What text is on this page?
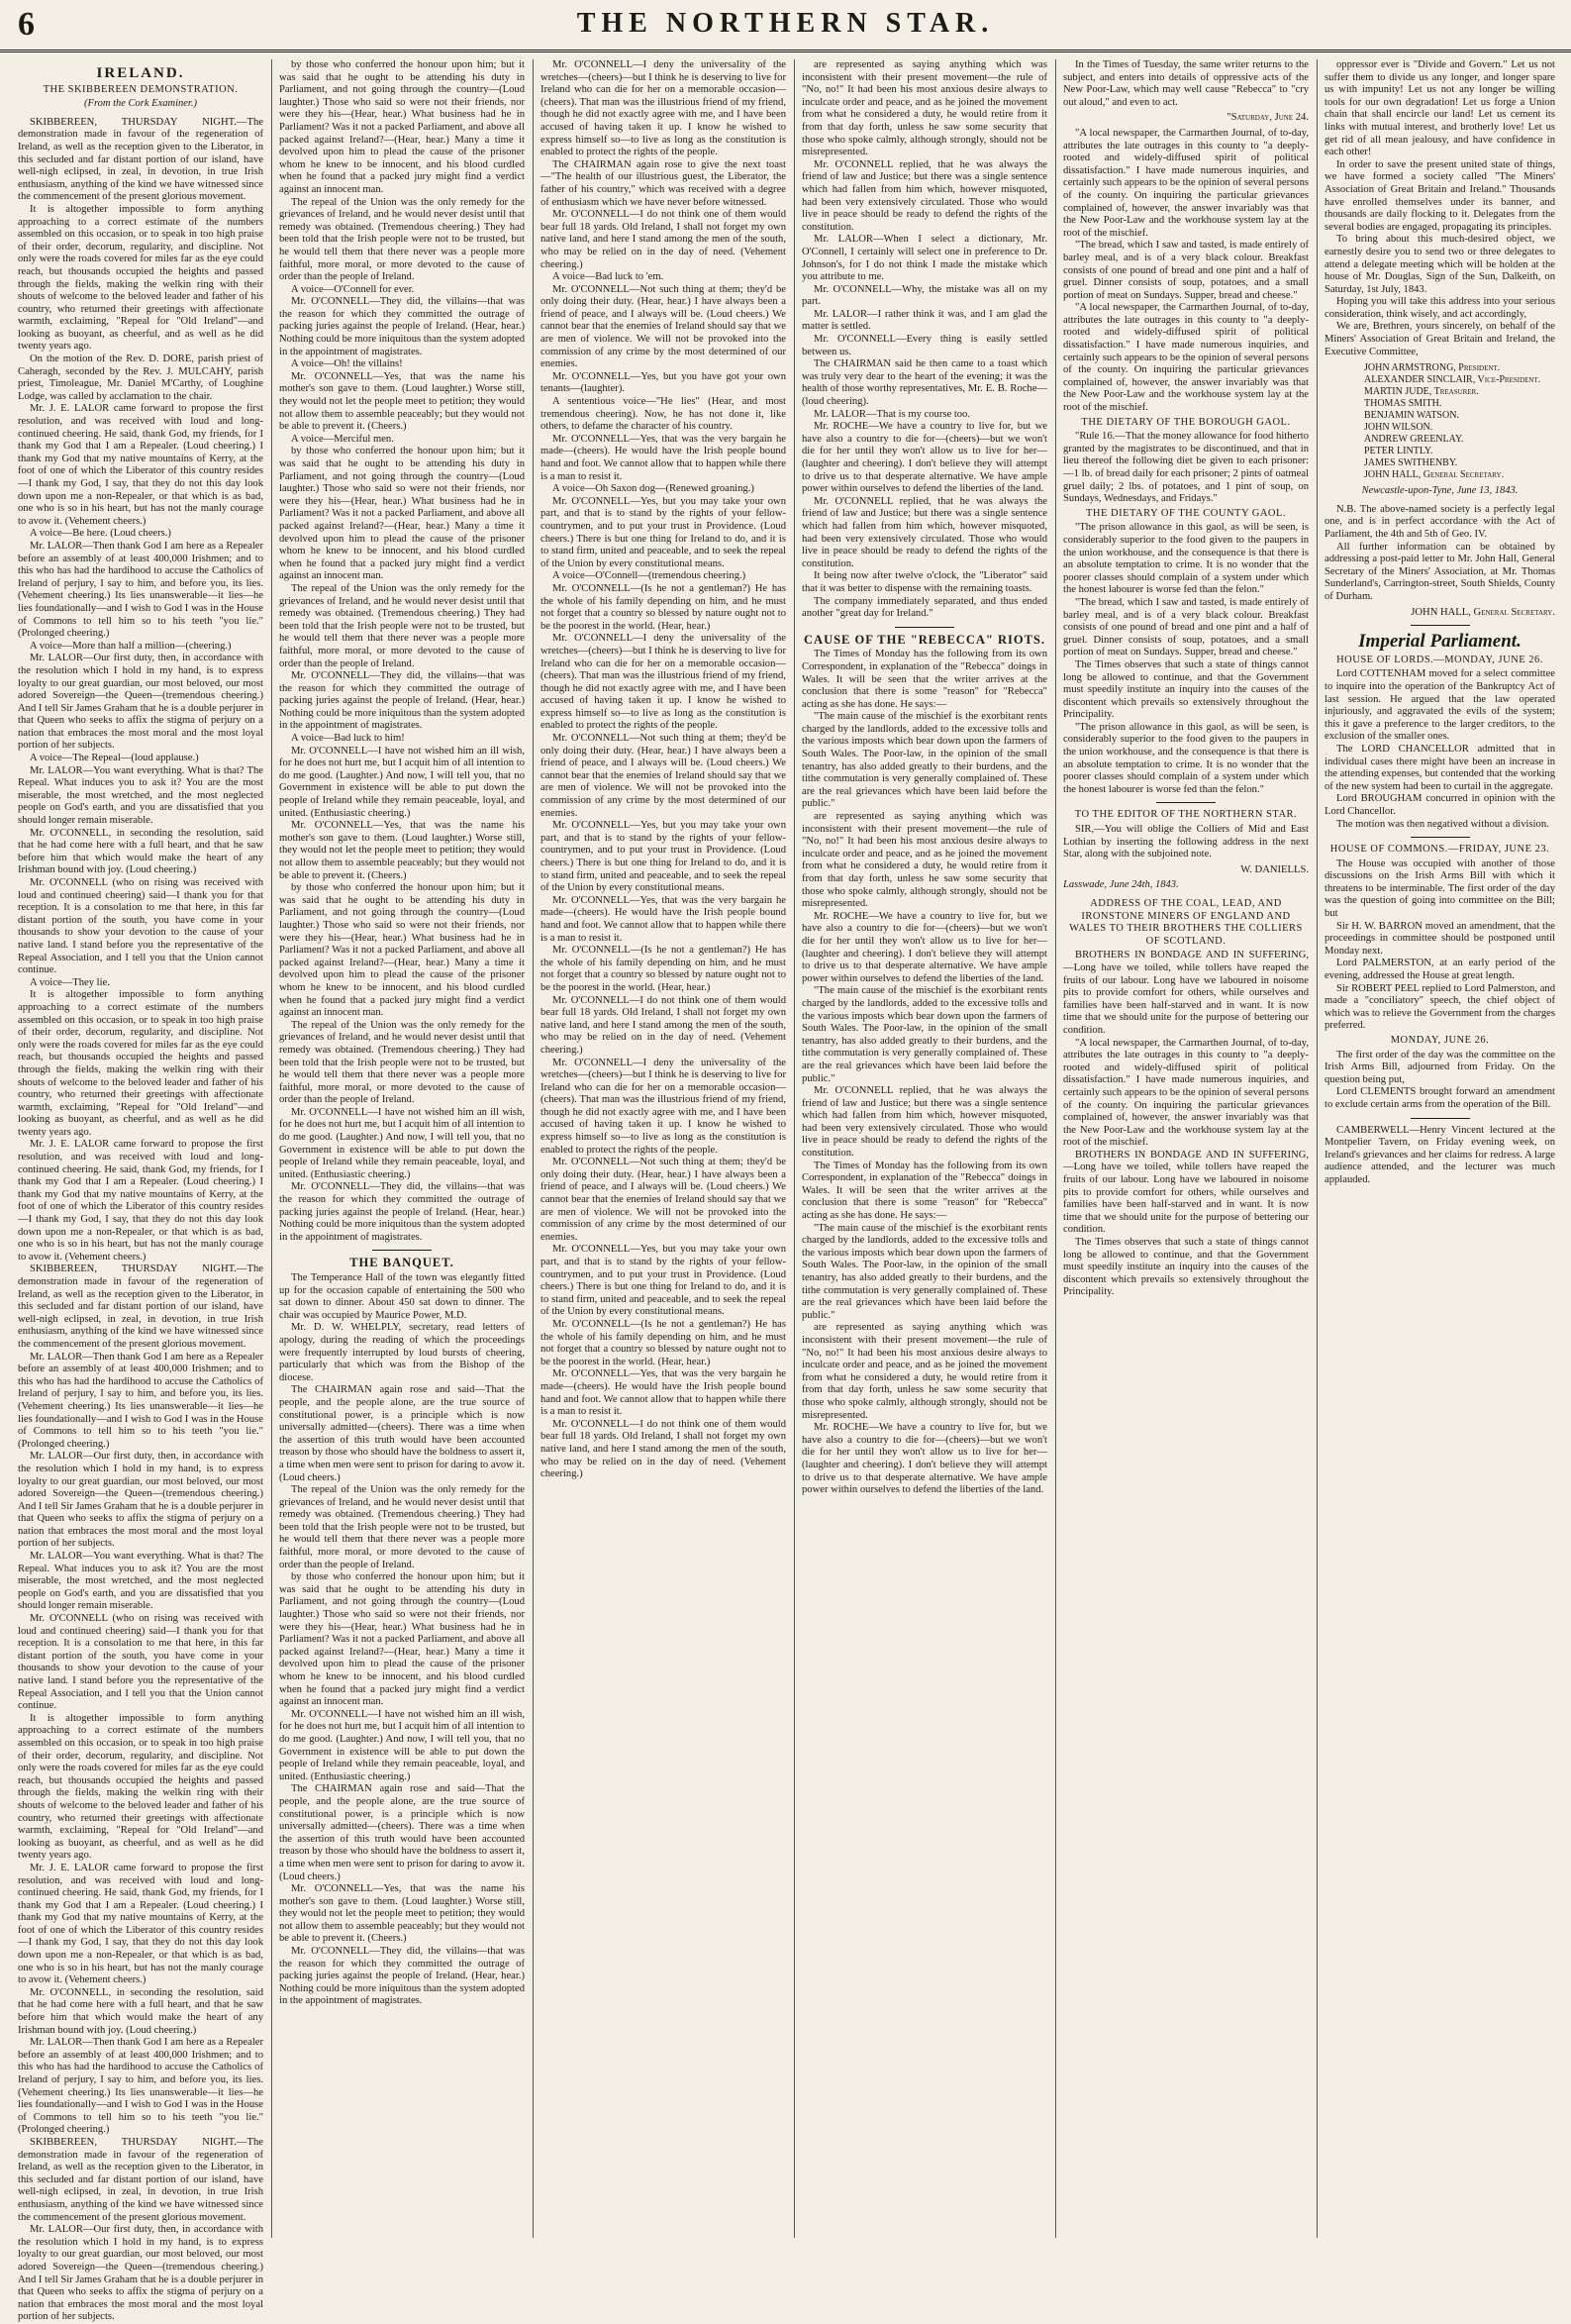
6	THE NORTHERN STAR.
IRELAND.
THE SKIBBEREEN DEMONSTRATION.
(From the Cork Examiner.)

SKIBBEREEN, THURSDAY NIGHT.—The demonstration made in favour of the regeneration of Ireland, as well as the reception given to the Liberator, in this secluded and far distant portion of our island, have well-nigh eclipsed, in zeal, in devotion, in true Irish enthusiasm, anything of the kind we have witnessed since the commencement of the present glorious movement.

It is altogether impossible to form anything approaching to a correct estimate of the numbers assembled on this occasion, or to speak in too high praise of their order, decorum, regularity, and discipline. Not only were the roads covered for miles far as the eye could reach, but thousands occupied the heights and passed through the fields, making the welkin ring with their shouts of welcome to the beloved leader and father of his country, who returned their greetings with affectionate warmth, exclaiming, "Repeal for "Old Ireland"—and looking as buoyant, as cheerful, and as well as he did twenty years ago.

On the motion of the Rev. D. DORE, parish priest of Caheragh, seconded by the Rev. J. MULCAHY, parish priest, Timoleague, Mr. Daniel M'Carthy, of Loughine Lodge, was called by acclamation to the chair.

Mr. J. E. LALOR came forward to propose the first resolution, and was received with loud and long-continued cheering. He said, thank God, my friends, for I thank my God that I am a Repealer. (Loud cheering.) I thank my God that my native mountains of Kerry, at the foot of one of which the Liberator of this country resides—I thank my God, I say, that they do not this day look down upon me a non-Repealer, or that which is as bad, one who is so in his heart, but has not the manly courage to avow it. (Vehement cheers.)

A voice—Be here. (Loud cheers.)

Mr. LALOR—Then thank God I am here as a Repealer before an assembly of at least 400,000 Irishmen; and to this who has had the hardihood to accuse the Catholics of Ireland of perjury, I say to him, and before you, its lies. (Vehement cheering.) Its lies unanswerable—it lies—he lies foundationally—and I wish to God I was in the House of Commons to tell him so to his teeth "you lie." (Prolonged cheering.)

A voice—More than half a million—(cheering.)

Mr. LALOR—Our first duty, then, in accordance with the resolution which I hold in my hand, is to express loyalty to our great guardian, our most beloved, our most adored Sovereign—the Queen—(tremendous cheering.) And I tell Sir James Graham that he is a double perjurer in that Queen who seeks to affix the stigma of perjury on a nation that embraces the most moral and the most loyal portion of her subjects.

A voice—The Repeal—(loud applause.)

Mr. LALOR—You want everything. What is that? The Repeal. What induces you to ask it? You are the most miserable, the most wretched, and the most neglected people on God's earth, and you are dissatisfied that you should longer remain miserable.

Mr. O'CONNELL, in seconding the resolution, said that he had come here with a full heart, and that he saw before him that which would make the heart of any Irishman bound with joy. (Loud cheering.)

Mr. O'CONNELL (who on rising was received with loud and continued cheering) said—I thank you for that reception. It is a consolation to me that here, in this far distant portion of the south, you have come in your thousands to show your devotion to the cause of your native land. I stand before you the representative of the Repeal Association, and I tell you that the Union cannot continue.

A voice—They lie.

It is altogether impossible to form anything approaching to a correct estimate of the numbers assembled on this occasion, or to speak in too high praise of their order, decorum, regularity, and discipline. Not only were the roads covered for miles far as the eye could reach, but thousands occupied the heights and passed through the fields, making the welkin ring with their shouts of welcome to the beloved leader and father of his country, who returned their greetings with affectionate warmth, exclaiming, "Repeal for "Old Ireland"—and looking as buoyant, as cheerful, and as well as he did twenty years ago.

Mr. J. E. LALOR came forward to propose the first resolution, and was received with loud and long-continued cheering. He said, thank God, my friends, for I thank my God that I am a Repealer. (Loud cheering.) I thank my God that my native mountains of Kerry, at the foot of one of which the Liberator of this country resides—I thank my God, I say, that they do not this day look down upon me a non-Repealer, or that which is as bad, one who is so in his heart, but has not the manly courage to avow it. (Vehement cheers.)

SKIBBEREEN, THURSDAY NIGHT.—The demonstration made in favour of the regeneration of Ireland, as well as the reception given to the Liberator, in this secluded and far distant portion of our island, have well-nigh eclipsed, in zeal, in devotion, in true Irish enthusiasm, anything of the kind we have witnessed since the commencement of the present glorious movement.

Mr. LALOR—Then thank God I am here as a Repealer before an assembly of at least 400,000 Irishmen; and to this who has had the hardihood to accuse the Catholics of Ireland of perjury, I say to him, and before you, its lies. (Vehement cheering.) Its lies unanswerable—it lies—he lies foundationally—and I wish to God I was in the House of Commons to tell him so to his teeth "you lie." (Prolonged cheering.)

Mr. LALOR—Our first duty, then, in accordance with the resolution which I hold in my hand, is to express loyalty to our great guardian, our most beloved, our most adored Sovereign—the Queen—(tremendous cheering.) And I tell Sir James Graham that he is a double perjurer in that Queen who seeks to affix the stigma of perjury on a nation that embraces the most moral and the most loyal portion of her subjects.

Mr. LALOR—You want everything. What is that? The Repeal. What induces you to ask it? You are the most miserable, the most wretched, and the most neglected people on God's earth, and you are dissatisfied that you should longer remain miserable.

Mr. O'CONNELL (who on rising was received with loud and continued cheering) said—I thank you for that reception. It is a consolation to me that here, in this far distant portion of the south, you have come in your thousands to show your devotion to the cause of your native land. I stand before you the representative of the Repeal Association, and I tell you that the Union cannot continue.

It is altogether impossible to form anything approaching to a correct estimate of the numbers assembled on this occasion, or to speak in too high praise of their order, decorum, regularity, and discipline. Not only were the roads covered for miles far as the eye could reach, but thousands occupied the heights and passed through the fields, making the welkin ring with their shouts of welcome to the beloved leader and father of his country, who returned their greetings with affectionate warmth, exclaiming, "Repeal for "Old Ireland"—and looking as buoyant, as cheerful, and as well as he did twenty years ago.

Mr. J. E. LALOR came forward to propose the first resolution, and was received with loud and long-continued cheering. He said, thank God, my friends, for I thank my God that I am a Repealer. (Loud cheering.) I thank my God that my native mountains of Kerry, at the foot of one of which the Liberator of this country resides—I thank my God, I say, that they do not this day look down upon me a non-Repealer, or that which is as bad, one who is so in his heart, but has not the manly courage to avow it. (Vehement cheers.)

Mr. O'CONNELL, in seconding the resolution, said that he had come here with a full heart, and that he saw before him that which would make the heart of any Irishman bound with joy. (Loud cheering.)

Mr. LALOR—Then thank God I am here as a Repealer before an assembly of at least 400,000 Irishmen; and to this who has had the hardihood to accuse the Catholics of Ireland of perjury, I say to him, and before you, its lies. (Vehement cheering.) Its lies unanswerable—it lies—he lies foundationally—and I wish to God I was in the House of Commons to tell him so to his teeth "you lie." (Prolonged cheering.)

SKIBBEREEN, THURSDAY NIGHT.—The demonstration made in favour of the regeneration of Ireland, as well as the reception given to the Liberator, in this secluded and far distant portion of our island, have well-nigh eclipsed, in zeal, in devotion, in true Irish enthusiasm, anything of the kind we have witnessed since the commencement of the present glorious movement.

Mr. LALOR—Our first duty, then, in accordance with the resolution which I hold in my hand, is to express loyalty to our great guardian, our most beloved, our most adored Sovereign—the Queen—(tremendous cheering.) And I tell Sir James Graham that he is a double perjurer in that Queen who seeks to affix the stigma of perjury on a nation that embraces the most moral and the most loyal portion of her subjects.

by those who conferred the honour upon him; but it was said that he ought to be attending his duty in Parliament, and not going through the country—(Loud laughter.) Those who said so were not their friends, nor were they his—(Hear, hear.) What business had he in Parliament? Was it not a packed Parliament, and above all packed against Ireland?—(Hear, hear.) Many a time it devolved upon him to plead the cause of the prisoner whom he knew to be innocent, and his blood curdled when he found that a packed jury might find a verdict against an innocent man.

The repeal of the Union was the only remedy for the grievances of Ireland, and he would never desist until that remedy was obtained. (Tremendous cheering.) They had been told that the Irish people were not to be trusted, but he would tell them that there never was a people more faithful, more moral, or more devoted to the cause of order than the people of Ireland.

A voice—O'Connell for ever.

Mr. O'CONNELL—They did, the villains—that was the reason for which they committed the outrage of packing juries against the people of Ireland. (Hear, hear.) Nothing could be more iniquitous than the system adopted in the appointment of magistrates.

A voice—Oh! the villains!

Mr. O'CONNELL—Yes, that was the name his mother's son gave to them. (Loud laughter.) Worse still, they would not let the people meet to petition; they would not allow them to assemble peaceably; but they would not be able to prevent it. (Cheers.)

A voice—Merciful men.

by those who conferred the honour upon him; but it was said that he ought to be attending his duty in Parliament, and not going through the country—(Loud laughter.) Those who said so were not their friends, nor were they his—(Hear, hear.) What business had he in Parliament? Was it not a packed Parliament, and above all packed against Ireland?—(Hear, hear.) Many a time it devolved upon him to plead the cause of the prisoner whom he knew to be innocent, and his blood curdled when he found that a packed jury might find a verdict against an innocent man.

The repeal of the Union was the only remedy for the grievances of Ireland, and he would never desist until that remedy was obtained. (Tremendous cheering.) They had been told that the Irish people were not to be trusted, but he would tell them that there never was a people more faithful, more moral, or more devoted to the cause of order than the people of Ireland.

Mr. O'CONNELL—They did, the villains—that was the reason for which they committed the outrage of packing juries against the people of Ireland. (Hear, hear.) Nothing could be more iniquitous than the system adopted in the appointment of magistrates.

A voice—Bad luck to him!

Mr. O'CONNELL—I have not wished him an ill wish, for he does not hurt me, but I acquit him of all intention to do me good. (Laughter.) And now, I will tell you, that no Government in existence will be able to put down the people of Ireland while they remain peaceable, loyal, and united. (Enthusiastic cheering.)

Mr. O'CONNELL—Yes, that was the name his mother's son gave to them. (Loud laughter.) Worse still, they would not let the people meet to petition; they would not allow them to assemble peaceably; but they would not be able to prevent it. (Cheers.)

by those who conferred the honour upon him; but it was said that he ought to be attending his duty in Parliament, and not going through the country—(Loud laughter.) Those who said so were not their friends, nor were they his—(Hear, hear.) What business had he in Parliament? Was it not a packed Parliament, and above all packed against Ireland?—(Hear, hear.) Many a time it devolved upon him to plead the cause of the prisoner whom he knew to be innocent, and his blood curdled when he found that a packed jury might find a verdict against an innocent man.

The repeal of the Union was the only remedy for the grievances of Ireland, and he would never desist until that remedy was obtained. (Tremendous cheering.) They had been told that the Irish people were not to be trusted, but he would tell them that there never was a people more faithful, more moral, or more devoted to the cause of order than the people of Ireland.

Mr. O'CONNELL—I have not wished him an ill wish, for he does not hurt me, but I acquit him of all intention to do me good. (Laughter.) And now, I will tell you, that no Government in existence will be able to put down the people of Ireland while they remain peaceable, loyal, and united. (Enthusiastic cheering.)

Mr. O'CONNELL—They did, the villains—that was the reason for which they committed the outrage of packing juries against the people of Ireland. (Hear, hear.) Nothing could be more iniquitous than the system adopted in the appointment of magistrates.

THE BANQUET.

The Temperance Hall of the town was elegantly fitted up for the occasion capable of entertaining the 500 who sat down to dinner. About 450 sat down to dinner. The chair was occupied by Maurice Power, M.D.

Mr. D. W. WHELPLY, secretary, read letters of apology, during the reading of which the proceedings were frequently interrupted by loud bursts of cheering, particularly that which was from the Bishop of the diocese.

The CHAIRMAN again rose and said—That the people, and the people alone, are the true source of constitutional power, is a principle which is now universally admitted—(cheers). There was a time when the assertion of this truth would have been accounted treason by those who should have the boldness to assert it, a time when men were sent to prison for daring to avow it. (Loud cheers.)

The repeal of the Union was the only remedy for the grievances of Ireland, and he would never desist until that remedy was obtained. (Tremendous cheering.) They had been told that the Irish people were not to be trusted, but he would tell them that there never was a people more faithful, more moral, or more devoted to the cause of order than the people of Ireland.

by those who conferred the honour upon him; but it was said that he ought to be attending his duty in Parliament, and not going through the country—(Loud laughter.) Those who said so were not their friends, nor were they his—(Hear, hear.) What business had he in Parliament? Was it not a packed Parliament, and above all packed against Ireland?—(Hear, hear.) Many a time it devolved upon him to plead the cause of the prisoner whom he knew to be innocent, and his blood curdled when he found that a packed jury might find a verdict against an innocent man.

Mr. O'CONNELL—I have not wished him an ill wish, for he does not hurt me, but I acquit him of all intention to do me good. (Laughter.) And now, I will tell you, that no Government in existence will be able to put down the people of Ireland while they remain peaceable, loyal, and united. (Enthusiastic cheering.)

The CHAIRMAN again rose and said—That the people, and the people alone, are the true source of constitutional power, is a principle which is now universally admitted—(cheers). There was a time when the assertion of this truth would have been accounted treason by those who should have the boldness to assert it, a time when men were sent to prison for daring to avow it. (Loud cheers.)

Mr. O'CONNELL—Yes, that was the name his mother's son gave to them. (Loud laughter.) Worse still, they would not let the people meet to petition; they would not allow them to assemble peaceably; but they would not be able to prevent it. (Cheers.)

Mr. O'CONNELL—They did, the villains—that was the reason for which they committed the outrage of packing juries against the people of Ireland. (Hear, hear.) Nothing could be more iniquitous than the system adopted in the appointment of magistrates.

Mr. O'CONNELL—I deny the universality of the wretches—(cheers)—but I think he is deserving to live for Ireland who can die for her on a memorable occasion—(cheers). That man was the illustrious friend of my friend, though he did not exactly agree with me, and I have been accused of having taken it up. I know he wished to express himself so—to live as long as the constitution is enabled to protect the rights of the people.

The CHAIRMAN again rose to give the next toast—"The health of our illustrious guest, the Liberator, the father of his country," which was received with a degree of enthusiasm which we have never before witnessed.

Mr. O'CONNELL—I do not think one of them would bear full 18 yards. Old Ireland, I shall not forget my own native land, and here I stand among the men of the south, who may be relied on in the day of need. (Vehement cheering.)

A voice—Bad luck to 'em.

Mr. O'CONNELL—Not such thing at them; they'd be only doing their duty. (Hear, hear.) I have always been a friend of peace, and I always will be. (Loud cheers.) We cannot bear that the enemies of Ireland should say that we are men of violence. We will not be provoked into the commission of any crime by the most determined of our enemies.

Mr. O'CONNELL—Yes, but you have got your own tenants—(laughter).

A sententious voice—"He lies" (Hear, and most tremendous cheering). Now, he has not done it, like others, to defame the character of his country.

Mr. O'CONNELL—Yes, that was the very bargain he made—(cheers). He would have the Irish people bound hand and foot. We cannot allow that to happen while there is a man to resist it.

A voice—Oh Saxon dog—(Renewed groaning.)

Mr. O'CONNELL—Yes, but you may take your own part, and that is to stand by the rights of your fellow-countrymen, and to put your trust in Providence. (Loud cheers.) There is but one thing for Ireland to do, and it is to stand firm, united and peaceable, and to seek the repeal of the Union by every constitutional means.

A voice—O'Connell—(tremendous cheering.)

Mr. O'CONNELL—(Is he not a gentleman?) He has the whole of his family depending on him, and he must not forget that a country so blessed by nature ought not to be the poorest in the world. (Hear, hear.)

Mr. O'CONNELL—I deny the universality of the wretches—(cheers)—but I think he is deserving to live for Ireland who can die for her on a memorable occasion—(cheers). That man was the illustrious friend of my friend, though he did not exactly agree with me, and I have been accused of having taken it up. I know he wished to express himself so—to live as long as the constitution is enabled to protect the rights of the people.

Mr. O'CONNELL—Not such thing at them; they'd be only doing their duty. (Hear, hear.) I have always been a friend of peace, and I always will be. (Loud cheers.) We cannot bear that the enemies of Ireland should say that we are men of violence. We will not be provoked into the commission of any crime by the most determined of our enemies.

Mr. O'CONNELL—Yes, but you may take your own part, and that is to stand by the rights of your fellow-countrymen, and to put your trust in Providence. (Loud cheers.) There is but one thing for Ireland to do, and it is to stand firm, united and peaceable, and to seek the repeal of the Union by every constitutional means.

Mr. O'CONNELL—Yes, that was the very bargain he made—(cheers). He would have the Irish people bound hand and foot. We cannot allow that to happen while there is a man to resist it.

Mr. O'CONNELL—(Is he not a gentleman?) He has the whole of his family depending on him, and he must not forget that a country so blessed by nature ought not to be the poorest in the world. (Hear, hear.)

Mr. O'CONNELL—I do not think one of them would bear full 18 yards. Old Ireland, I shall not forget my own native land, and here I stand among the men of the south, who may be relied on in the day of need. (Vehement cheering.)

Mr. O'CONNELL—I deny the universality of the wretches—(cheers)—but I think he is deserving to live for Ireland who can die for her on a memorable occasion—(cheers). That man was the illustrious friend of my friend, though he did not exactly agree with me, and I have been accused of having taken it up. I know he wished to express himself so—to live as long as the constitution is enabled to protect the rights of the people.

Mr. O'CONNELL—Not such thing at them; they'd be only doing their duty. (Hear, hear.) I have always been a friend of peace, and I always will be. (Loud cheers.) We cannot bear that the enemies of Ireland should say that we are men of violence. We will not be provoked into the commission of any crime by the most determined of our enemies.

Mr. O'CONNELL—Yes, but you may take your own part, and that is to stand by the rights of your fellow-countrymen, and to put your trust in Providence. (Loud cheers.) There is but one thing for Ireland to do, and it is to stand firm, united and peaceable, and to seek the repeal of the Union by every constitutional means.

Mr. O'CONNELL—(Is he not a gentleman?) He has the whole of his family depending on him, and he must not forget that a country so blessed by nature ought not to be the poorest in the world. (Hear, hear.)

Mr. O'CONNELL—Yes, that was the very bargain he made—(cheers). He would have the Irish people bound hand and foot. We cannot allow that to happen while there is a man to resist it.

Mr. O'CONNELL—I do not think one of them would bear full 18 yards. Old Ireland, I shall not forget my own native land, and here I stand among the men of the south, who may be relied on in the day of need. (Vehement cheering.)

are represented as saying anything which was inconsistent with their present movement—the rule of "No, no!" It had been his most anxious desire always to inculcate order and peace, and as he joined the movement from what he considered a duty, he would retire from it from that day forth, unless he saw some security that those who spoke calmly, although strongly, should not be misrepresented.

Mr. O'CONNELL replied, that he was always the friend of law and Justice; but there was a single sentence which had fallen from him which, however misquoted, had been very extensively circulated. Those who would live in peace should be ready to defend the rights of the constitution.

Mr. LALOR—When I select a dictionary, Mr. O'Connell, I certainly will select one in preference to Dr. Johnson's, for I do not think I made the mistake which you attribute to me.

Mr. O'CONNELL—Why, the mistake was all on my part.

Mr. LALOR—I rather think it was, and I am glad the matter is settled.

Mr. O'CONNELL—Every thing is easily settled between us.

The CHAIRMAN said he then came to a toast which was truly very dear to the heart of the evening; it was the health of those worthy representatives, Mr. E. B. Roche—(loud cheering).

Mr. LALOR—That is my course too.

Mr. ROCHE—We have a country to live for, but we have also a country to die for—(cheers)—but we won't die for her until they won't allow us to live for her—(laughter and cheering). I don't believe they will attempt to drive us to that desperate alternative. We have ample power within ourselves to defend the liberties of the land.

Mr. O'CONNELL replied, that he was always the friend of law and Justice; but there was a single sentence which had fallen from him which, however misquoted, had been very extensively circulated. Those who would live in peace should be ready to defend the rights of the constitution.

It being now after twelve o'clock, the "Liberator" said that it was better to dispense with the remaining toasts.

The company immediately separated, and thus ended another "great day for Ireland."

CAUSE OF THE "REBECCA" RIOTS.

The Times of Monday has the following from its own Correspondent, in explanation of the "Rebecca" doings in Wales. It will be seen that the writer arrives at the conclusion that there is some "reason" for "Rebecca" acting as she has done. He says:—

"The main cause of the mischief is the exorbitant rents charged by the landlords, added to the excessive tolls and the various imposts which bear down upon the farmers of South Wales. The Poor-law, in the opinion of the small tenantry, has also added greatly to their burdens, and the tithe commutation is very generally complained of. These are the real grievances which have been laid before the public."

are represented as saying anything which was inconsistent with their present movement—the rule of "No, no!" It had been his most anxious desire always to inculcate order and peace, and as he joined the movement from what he considered a duty, he would retire from it from that day forth, unless he saw some security that those who spoke calmly, although strongly, should not be misrepresented.

Mr. ROCHE—We have a country to live for, but we have also a country to die for—(cheers)—but we won't die for her until they won't allow us to live for her—(laughter and cheering). I don't believe they will attempt to drive us to that desperate alternative. We have ample power within ourselves to defend the liberties of the land.

"The main cause of the mischief is the exorbitant rents charged by the landlords, added to the excessive tolls and the various imposts which bear down upon the farmers of South Wales. The Poor-law, in the opinion of the small tenantry, has also added greatly to their burdens, and the tithe commutation is very generally complained of. These are the real grievances which have been laid before the public."

Mr. O'CONNELL replied, that he was always the friend of law and Justice; but there was a single sentence which had fallen from him which, however misquoted, had been very extensively circulated. Those who would live in peace should be ready to defend the rights of the constitution.

The Times of Monday has the following from its own Correspondent, in explanation of the "Rebecca" doings in Wales. It will be seen that the writer arrives at the conclusion that there is some "reason" for "Rebecca" acting as she has done. He says:—

"The main cause of the mischief is the exorbitant rents charged by the landlords, added to the excessive tolls and the various imposts which bear down upon the farmers of South Wales. The Poor-law, in the opinion of the small tenantry, has also added greatly to their burdens, and the tithe commutation is very generally complained of. These are the real grievances which have been laid before the public."

are represented as saying anything which was inconsistent with their present movement—the rule of "No, no!" It had been his most anxious desire always to inculcate order and peace, and as he joined the movement from what he considered a duty, he would retire from it from that day forth, unless he saw some security that those who spoke calmly, although strongly, should not be misrepresented.

Mr. ROCHE—We have a country to live for, but we have also a country to die for—(cheers)—but we won't die for her until they won't allow us to live for her—(laughter and cheering). I don't believe they will attempt to drive us to that desperate alternative. We have ample power within ourselves to defend the liberties of the land.

In the Times of Tuesday, the same writer returns to the subject, and enters into details of oppressive acts of the New Poor-Law, which may well cause "Rebecca" to "cry out aloud," and even to act.

"Saturday, June 24.

"A local newspaper, the Carmarthen Journal, of to-day, attributes the late outrages in this county to "a deeply-rooted and widely-diffused spirit of political dissatisfaction." I have made numerous inquiries, and certainly such appears to be the opinion of several persons of the county. On inquiring the particular grievances complained of, however, the answer invariably was that the New Poor-Law and the workhouse system lay at the root of the mischief.

"The bread, which I saw and tasted, is made entirely of barley meal, and is of a very black colour. Breakfast consists of one pound of bread and one pint and a half of gruel. Dinner consists of soup, potatoes, and a small portion of meat on Sundays. Supper, bread and cheese."

"A local newspaper, the Carmarthen Journal, of to-day, attributes the late outrages in this county to "a deeply-rooted and widely-diffused spirit of political dissatisfaction." I have made numerous inquiries, and certainly such appears to be the opinion of several persons of the county. On inquiring the particular grievances complained of, however, the answer invariably was that the New Poor-Law and the workhouse system lay at the root of the mischief.

THE DIETARY OF THE BOROUGH GAOL.

"Rule 16.—That the money allowance for food hitherto granted by the magistrates to be discontinued, and that in lieu thereof the following diet be given to each prisoner:—1 lb. of bread daily for each prisoner; 2 pints of oatmeal gruel daily; 2 lbs. of potatoes, and 1 pint of soup, on Sundays, Wednesdays, and Fridays."

THE DIETARY OF THE COUNTY GAOL.

"The prison allowance in this gaol, as will be seen, is considerably superior to the food given to the paupers in the union workhouse, and the consequence is that there is an absolute temptation to crime. It is no wonder that the poorer classes should complain of a system under which the honest labourer is worse fed than the felon."

"The bread, which I saw and tasted, is made entirely of barley meal, and is of a very black colour. Breakfast consists of one pound of bread and one pint and a half of gruel. Dinner consists of soup, potatoes, and a small portion of meat on Sundays. Supper, bread and cheese."

The Times observes that such a state of things cannot long be allowed to continue, and that the Government must speedily institute an inquiry into the causes of the discontent which prevails so extensively throughout the Principality.

"The prison allowance in this gaol, as will be seen, is considerably superior to the food given to the paupers in the union workhouse, and the consequence is that there is an absolute temptation to crime. It is no wonder that the poorer classes should complain of a system under which the honest labourer is worse fed than the felon."

TO THE EDITOR OF THE NORTHERN STAR.

SIR,—You will oblige the Colliers of Mid and East Lothian by inserting the following address in the next Star, along with the subjoined note.

W. DANIELLS.
Lasswade, June 24th, 1843.
ADDRESS OF THE COAL, LEAD, AND IRONSTONE MINERS OF ENGLAND AND WALES TO THEIR BROTHERS THE COLLIERS OF SCOTLAND.

BROTHERS IN BONDAGE AND IN SUFFERING,—Long have we toiled, while tollers have reaped the fruits of our labour. Long have we laboured in noisome pits to provide comfort for others, while ourselves and families have been half-starved and in want. It is now time that we should unite for the purpose of bettering our condition.

"A local newspaper, the Carmarthen Journal, of to-day, attributes the late outrages in this county to "a deeply-rooted and widely-diffused spirit of political dissatisfaction." I have made numerous inquiries, and certainly such appears to be the opinion of several persons of the county. On inquiring the particular grievances complained of, however, the answer invariably was that the New Poor-Law and the workhouse system lay at the root of the mischief.

BROTHERS IN BONDAGE AND IN SUFFERING,—Long have we toiled, while tollers have reaped the fruits of our labour. Long have we laboured in noisome pits to provide comfort for others, while ourselves and families have been half-starved and in want. It is now time that we should unite for the purpose of bettering our condition.

The Times observes that such a state of things cannot long be allowed to continue, and that the Government must speedily institute an inquiry into the causes of the discontent which prevails so extensively throughout the Principality.

oppressor ever is "Divide and Govern." Let us not suffer them to divide us any longer, and longer spare us with impunity! Let us not any longer be willing tools for our own degradation! Let us forge a Union chain that shall encircle our land! Let us cement its links with mutual interest, and brotherly love! Let us get rid of all mean jealousy, and have confidence in each other!

In order to save the present united state of things, we have formed a society called "The Miners' Association of Great Britain and Ireland." Thousands have enrolled themselves under its banner, and thousands are daily flocking to it. Delegates from the several bodies are engaged, propagating its principles.

To bring about this much-desired object, we earnestly desire you to send two or three delegates to attend a delegate meeting which will be holden at the house of Mr. Douglas, Sign of the Sun, Dalkeith, on Saturday, 1st July, 1843.

Hoping you will take this address into your serious consideration, think wisely, and act accordingly,

We are, Brethren, yours sincerely, on behalf of the Miners' Association of Great Britain and Ireland, the Executive Committee,

JOHN ARMSTRONG, President.
ALEXANDER SINCLAIR, Vice-President.
MARTIN JUDE, Treasurer.
THOMAS SMITH.
BENJAMIN WATSON.
JOHN WILSON.
ANDREW GREENLAY.
PETER LINTLY.
JAMES SWITHENBY.
JOHN HALL, General Secretary.
Newcastle-upon-Tyne, June 13, 1843.

N.B. The above-named society is a perfectly legal one, and is in perfect accordance with the Act of Parliament, the 4th and 5th of Geo. IV.

All further information can be obtained by addressing a post-paid letter to Mr. John Hall, General Secretary of the Miners' Association, at Mr. Thomas Sunderland's, Carrington-street, South Shields, County of Durham.

JOHN HALL, General Secretary.
Imperial Parliament.
HOUSE OF LORDS.—MONDAY, JUNE 26.

Lord COTTENHAM moved for a select committee to inquire into the operation of the Bankruptcy Act of last session. He argued that the law operated injuriously, and aggravated the evils of the system; this it gave a preference to the larger creditors, to the exclusion of the smaller ones.

The LORD CHANCELLOR admitted that in individual cases there might have been an increase in the attending expenses, but contended that the working of the new system had been to curtail in the aggregate.

Lord BROUGHAM concurred in opinion with the Lord Chancellor.

The motion was then negatived without a division.

HOUSE OF COMMONS.—FRIDAY, JUNE 23.

The House was occupied with another of those discussions on the Irish Arms Bill with which it threatens to be interminable. The first order of the day was the question of going into committee on the Bill; but

Sir H. W. BARRON moved an amendment, that the proceedings in committee should be postponed until Monday next.

Lord PALMERSTON, at an early period of the evening, addressed the House at great length.

Sir ROBERT PEEL replied to Lord Palmerston, and made a "conciliatory" speech, the chief object of which was to relieve the Government from the charges preferred.

MONDAY, JUNE 26.

The first order of the day was the committee on the Irish Arms Bill, adjourned from Friday. On the question being put,

Lord CLEMENTS brought forward an amendment to exclude certain arms from the operation of the Bill.

CAMBERWELL—Henry Vincent lectured at the Montpelier Tavern, on Friday evening week, on Ireland's grievances and her claims for redress. A large audience attended, and the lecturer was much applauded.
